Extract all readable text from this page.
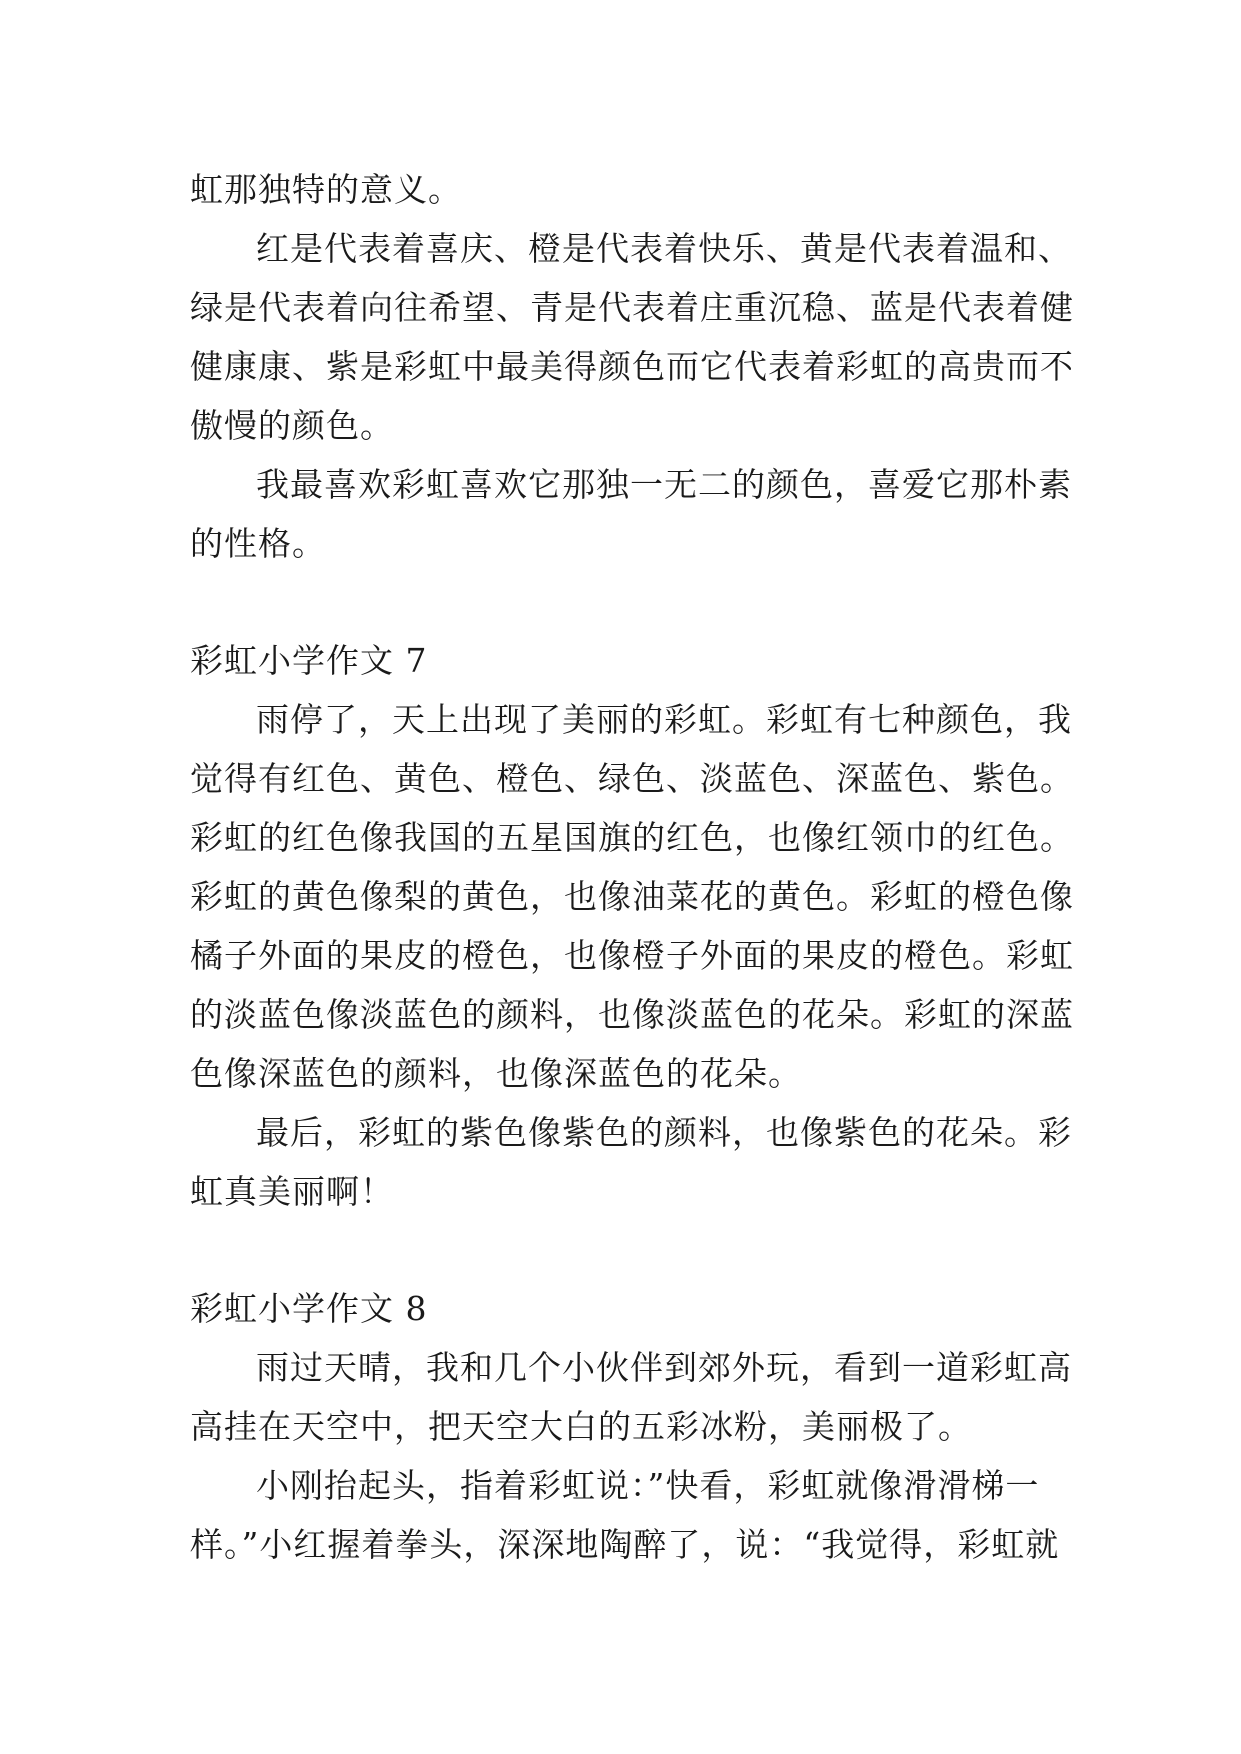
虹那独特的意义。
红是代表着喜庆、橙是代表着快乐、黄是代表着温和、
绿是代表着向往希望、青是代表着庄重沉稳、蓝是代表着健
健康康、紫是彩虹中最美得颜色而它代表着彩虹的高贵而不
傲慢的颜色。
我最喜欢彩虹喜欢它那独一无二的颜色，喜爱它那朴素
的性格。
彩虹小学作文 7
雨停了，天上出现了美丽的彩虹。彩虹有七种颜色，我
觉得有红色、黄色、橙色、绿色、淡蓝色、深蓝色、紫色。
彩虹的红色像我国的五星国旗的红色，也像红领巾的红色。
彩虹的黄色像梨的黄色，也像油菜花的黄色。彩虹的橙色像
橘子外面的果皮的橙色，也像橙子外面的果皮的橙色。彩虹
的淡蓝色像淡蓝色的颜料，也像淡蓝色的花朵。彩虹的深蓝
色像深蓝色的颜料，也像深蓝色的花朵。
最后，彩虹的紫色像紫色的颜料，也像紫色的花朵。彩
虹真美丽啊！
彩虹小学作文 8
雨过天晴，我和几个小伙伴到郊外玩，看到一道彩虹高
高挂在天空中，把天空大白的五彩冰粉，美丽极了。
小刚抬起头，指着彩虹说：”快看，彩虹就像滑滑梯一
样。”小红握着拳头，深深地陶醉了，说：“我觉得，彩虹就
